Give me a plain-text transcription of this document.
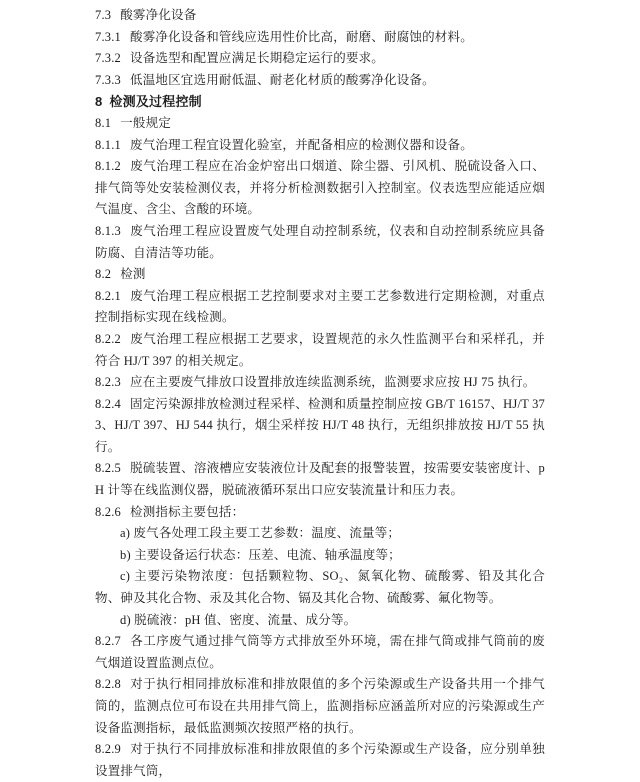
7.3 酸雾净化设备

7.3.1 酸雾净化设备和管线应选用性价比高，耐磨、耐腐蚀的材料。

7.3.2 设备选型和配置应满足长期稳定运行的要求。

7.3.3 低温地区宜选用耐低温、耐老化材质的酸雾净化设备。

8 检测及过程控制

8.1 一般规定

8.1.1 废气治理工程宜设置化验室，并配备相应的检测仪器和设备。

8.1.2 废气治理工程应在冶金炉窑出口烟道、除尘器、引风机、脱硫设备入口、排气筒等处安装检测仪表，并将分析检测数据引入控制室。仪表选型应能适应烟气温度、含尘、含酸的环境。

8.1.3 废气治理工程应设置废气处理自动控制系统，仪表和自动控制系统应具备防腐、自清洁等功能。

8.2 检测

8.2.1 废气治理工程应根据工艺控制要求对主要工艺参数进行定期检测，对重点控制指标实现在线检测。

8.2.2 废气治理工程应根据工艺要求，设置规范的永久性监测平台和采样孔，并符合 HJ/T 397 的相关规定。

8.2.3 应在主要废气排放口设置排放连续监测系统，监测要求应按 HJ 75 执行。

8.2.4 固定污染源排放检测过程采样、检测和质量控制应按 GB/T 16157、HJ/T 373、HJ/T 397、HJ 544 执行，烟尘采样按 HJ/T 48 执行，无组织排放按 HJ/T 55 执行。

8.2.5 脱硫装置、溶液槽应安装液位计及配套的报警装置，按需要安装密度计、pH 计等在线监测仪器，脱硫液循环泵出口应安装流量计和压力表。

8.2.6 检测指标主要包括：

a) 废气各处理工段主要工艺参数：温度、流量等；

b) 主要设备运行状态：压差、电流、轴承温度等；

c) 主要污染物浓度：包括颗粒物、SO₂、氮氧化物、硫酸雾、铅及其化合物、砷及其化合物、汞及其化合物、镉及其化合物、硫酸雾、氟化物等。

d) 脱硫液：pH 值、密度、流量、成分等。

8.2.7 各工序废气通过排气筒等方式排放至外环境，需在排气筒或排气筒前的废气烟道设置监测点位。

8.2.8 对于执行相同排放标准和排放限值的多个污染源或生产设备共用一个排气筒的，监测点位可布设在共用排气筒上，监测指标应涵盖所对应的污染源或生产设备监测指标，最低监测频次按照严格的执行。

8.2.9 对于执行不同排放标准和排放限值的多个污染源或生产设备，应分别单独设置排气筒，
